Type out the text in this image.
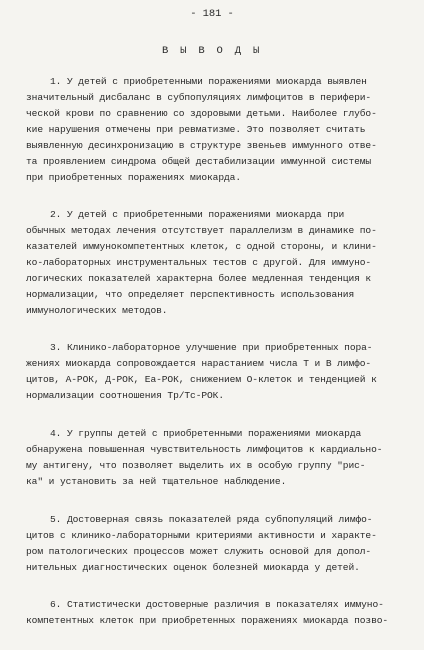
- 181 -
В Ы В О Д Ы
1. У детей с приобретенными поражениями миокарда выявлен
значительный дисбаланс в субпопуляциях лимфоцитов в перифери-
ческой крови по сравнению со здоровыми детьми. Наиболее глубо-
кие нарушения отмечены при ревматизме. Это позволяет считать
выявленную десинхронизацию в структуре звеньев иммунного отве-
та проявлением синдрома общей дестабилизации иммунной системы
при приобретенных поражениях миокарда.
2. У детей с приобретенными поражениями миокарда при
обычных методах лечения отсутствует параллелизм в динамике по-
казателей иммунокомпетентных клеток, с одной стороны, и клини-
ко-лабораторных инструментальных тестов с другой. Для иммуно-
логических показателей характерна более медленная тенденция к
нормализации, что определяет перспективность использования
иммунологических методов.
3. Клинико-лабораторное улучшение при приобретенных пора-
жениях миокарда сопровождается нарастанием числа Т и В лимфо-
цитов, А-РОК, Д-РОК, Ea-РОК, снижением О-клеток и тенденцией к
нормализации соотношения Тр/Тс-РОК.
4. У группы детей с приобретенными поражениями миокарда
обнаружена повышенная чувствительность лимфоцитов к кардиально-
му антигену, что позволяет выделить их в особую группу "рис-
ка" и установить за ней тщательное наблюдение.
5. Достоверная связь показателей ряда субпопуляций лимфо-
цитов с клинико-лабораторными критериями активности и характе-
ром патологических процессов может служить основой для допол-
нительных диагностических оценок болезней миокарда у детей.
6. Статистически достоверные различия в показателях иммуно-
компетентных клеток при приобретенных поражениях миокарда позво-
